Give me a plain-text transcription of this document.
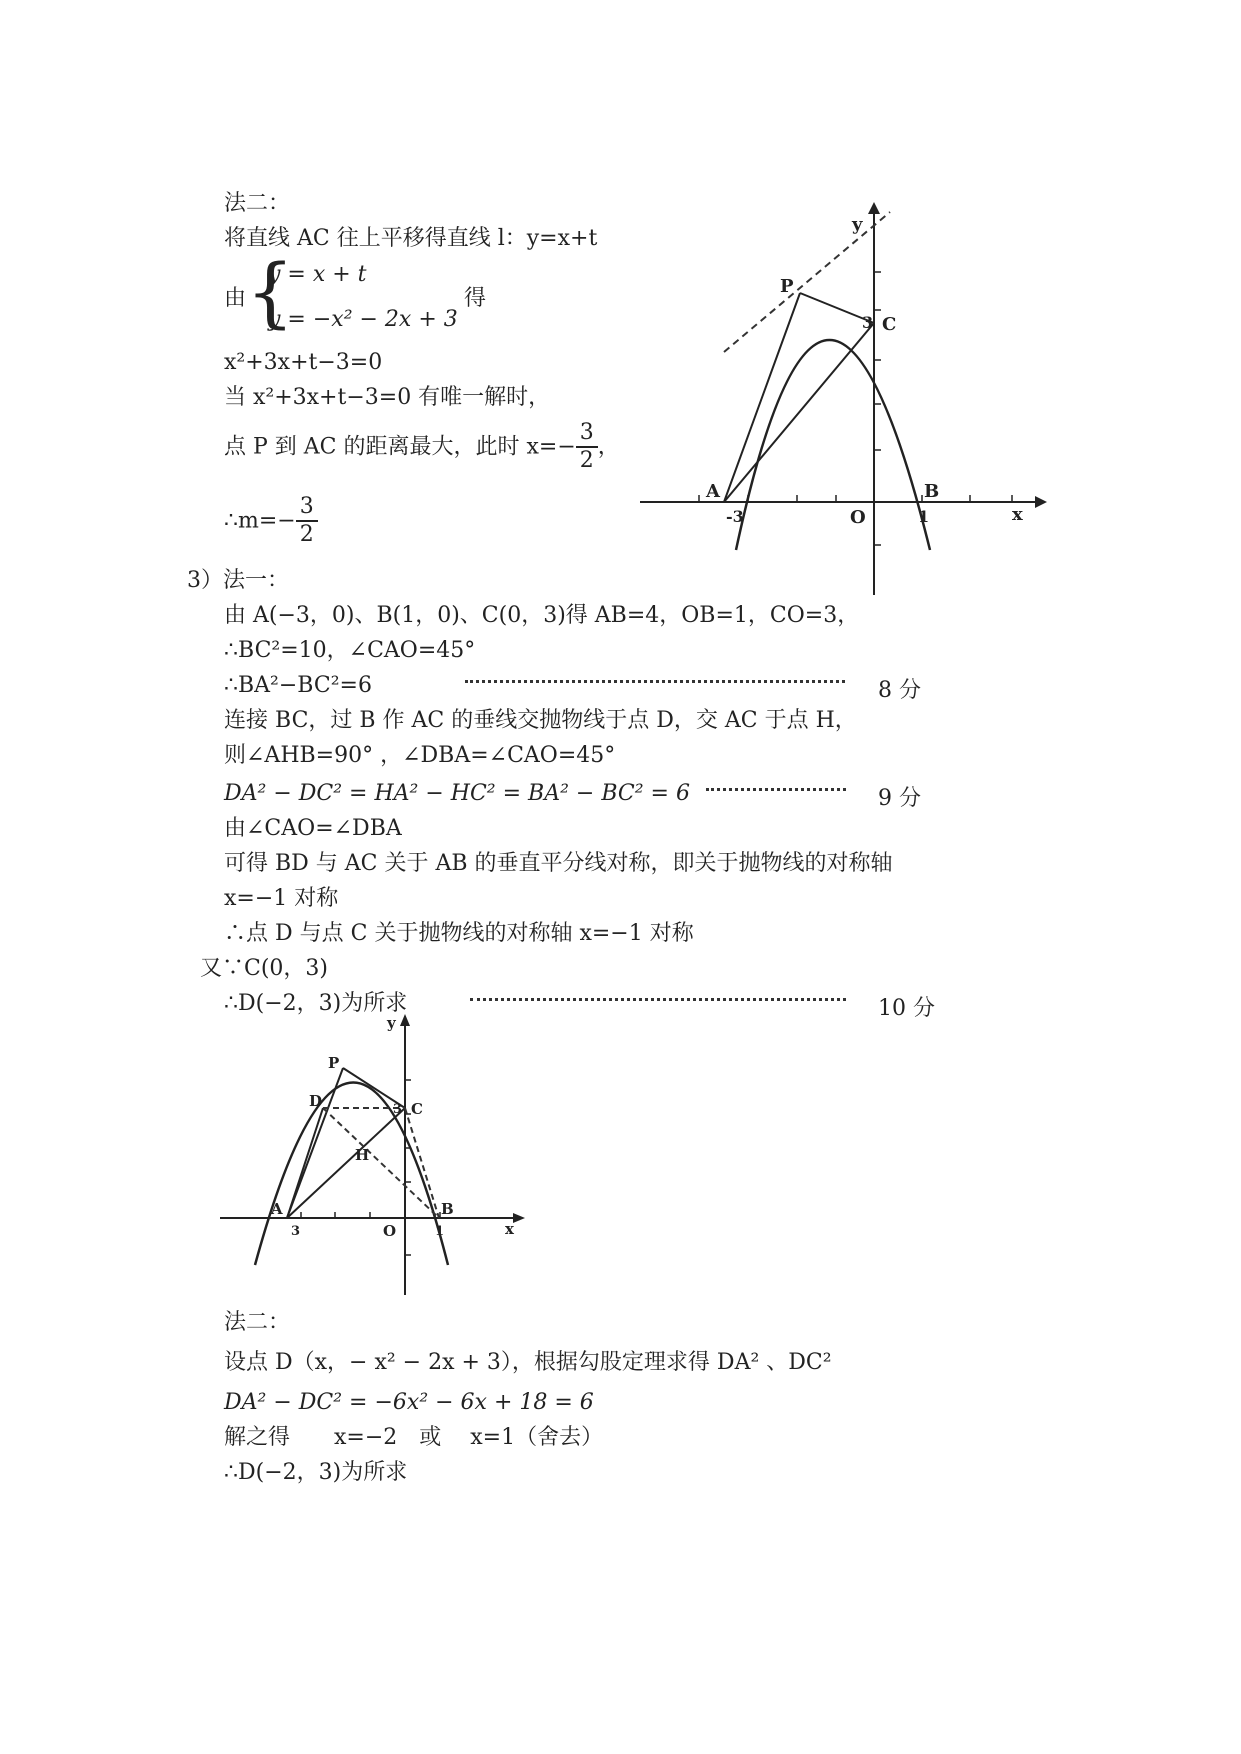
法二：
将直线 AC 往上平移得直线 l：y=x+t
由 {
y = x + t
y = −x² − 2x + 3
得
x²+3x+t−3=0
当 x²+3x+t−3=0 有唯一解时，
点 P 到 AC 的距离最大，此时 $x=- \frac{3}{2}$ ，
∴m=− $\frac{3}{2}$
y
x
P
3 C
A	B
-3	O	1
3）法一：
由 A(−3，0)、B(1，0)、C(0，3)得 AB=4，OB=1，CO=3，
∴BC²=10，∠CAO=45°
∴BA²−BC²=6	8 分
连接 BC，过 B 作 AC 的垂线交抛物线于点 D，交 AC 于点 H，
则∠AHB=90° ，∠DBA=∠CAO=45°
DA² − DC² = HA² − HC² = BA² − BC² = 6	9 分
由∠CAO=∠DBA
可得 BD 与 AC 关于 AB 的垂直平分线对称，即关于抛物线的对称轴
x=−1 对称
∴点 D 与点 C 关于抛物线的对称轴 x=−1 对称
又∵C(0，3)
∴D(−2，3)为所求	10 分
y
x
P
D	3 C
H
A	B
3	O	1
法二：
设点 D（x，− x² − 2x + 3），根据勾股定理求得 DA² 、DC²
DA² − DC² = −6x² − 6x + 18 = 6
解之得　　x=−2　或　 x=1（舍去）
∴D(−2，3)为所求
